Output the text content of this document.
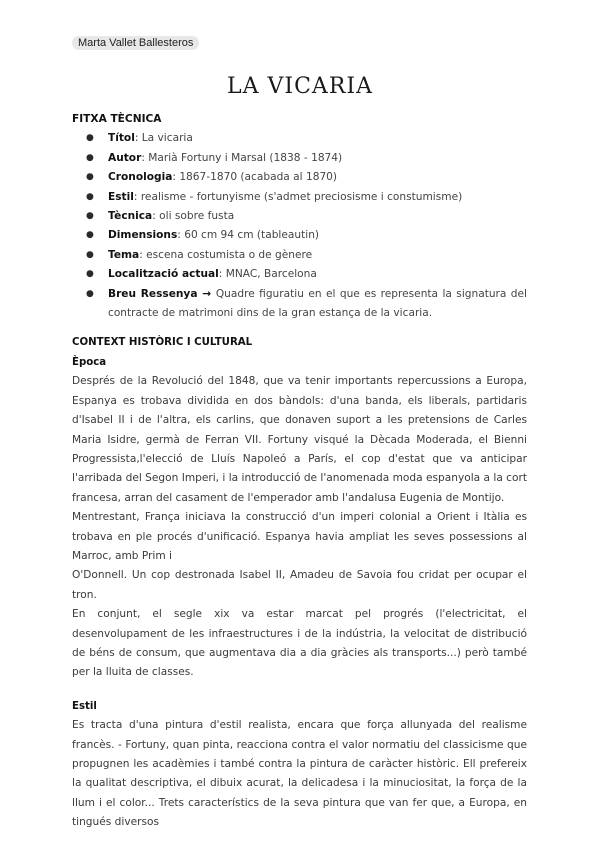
Marta Vallet Ballesteros
LA VICARIA
FITXA TÈCNICA
● Títol: La vicaria
● Autor: Marià Fortuny i Marsal (1838 - 1874)
● Cronologia: 1867-1870 (acabada al 1870)
● Estil: realisme - fortunyisme (s'admet preciosisme i constumisme)
● Tècnica: oli sobre fusta
● Dimensions: 60 cm 94 cm (tableautin)
● Tema: escena costumista o de gènere
● Localització actual: MNAC, Barcelona
● Breu Ressenya → Quadre figuratiu en el que es representa la signatura del contracte de matrimoni dins de la gran estança de la vicaria.
CONTEXT HISTÒRIC I CULTURAL
Època

Després de la Revolució del 1848, que va tenir importants repercussions a Europa, Espanya es trobava dividida en dos bàndols: d'una banda, els liberals, partidaris d'Isabel II i de l'altra, els carlins, que donaven suport a les pretensions de Carles Maria Isidre, germà de Ferran VII. Fortuny visqué la Dècada Moderada, el Bienni Progressista,l'elecció de Lluís Napoleó a París, el cop d'estat que va anticipar l'arribada del Segon Imperi, i la introducció de l'anomenada moda espanyola a la cort francesa, arran del casament de l'emperador amb l'andalusa Eugenia de Montijo.

Mentrestant, França iniciava la construcció d'un imperi colonial a Orient i Itàlia es trobava en ple procés d'unificació. Espanya havia ampliat les seves possessions al Marroc, amb Prim i

O'Donnell. Un cop destronada Isabel II, Amadeu de Savoia fou cridat per ocupar el tron.

En conjunt, el segle xix va estar marcat pel progrés (l'electricitat, el desenvolupament de les infraestructures i de la indústria, la velocitat de distribució de béns de consum, que augmentava dia a dia gràcies als transports...) però també per la lluita de classes.

Estil

Es tracta d'una pintura d'estil realista, encara que força allunyada del realisme francès. - Fortuny, quan pinta, reacciona contra el valor normatiu del classicisme que propugnen les acadèmies i també contra la pintura de caràcter històric. Ell prefereix la qualitat descriptiva, el dibuix acurat, la delicadesa i la minuciositat, la força de la llum i el color... Trets característics de la seva pintura que van fer que, a Europa, en tingués diversos
